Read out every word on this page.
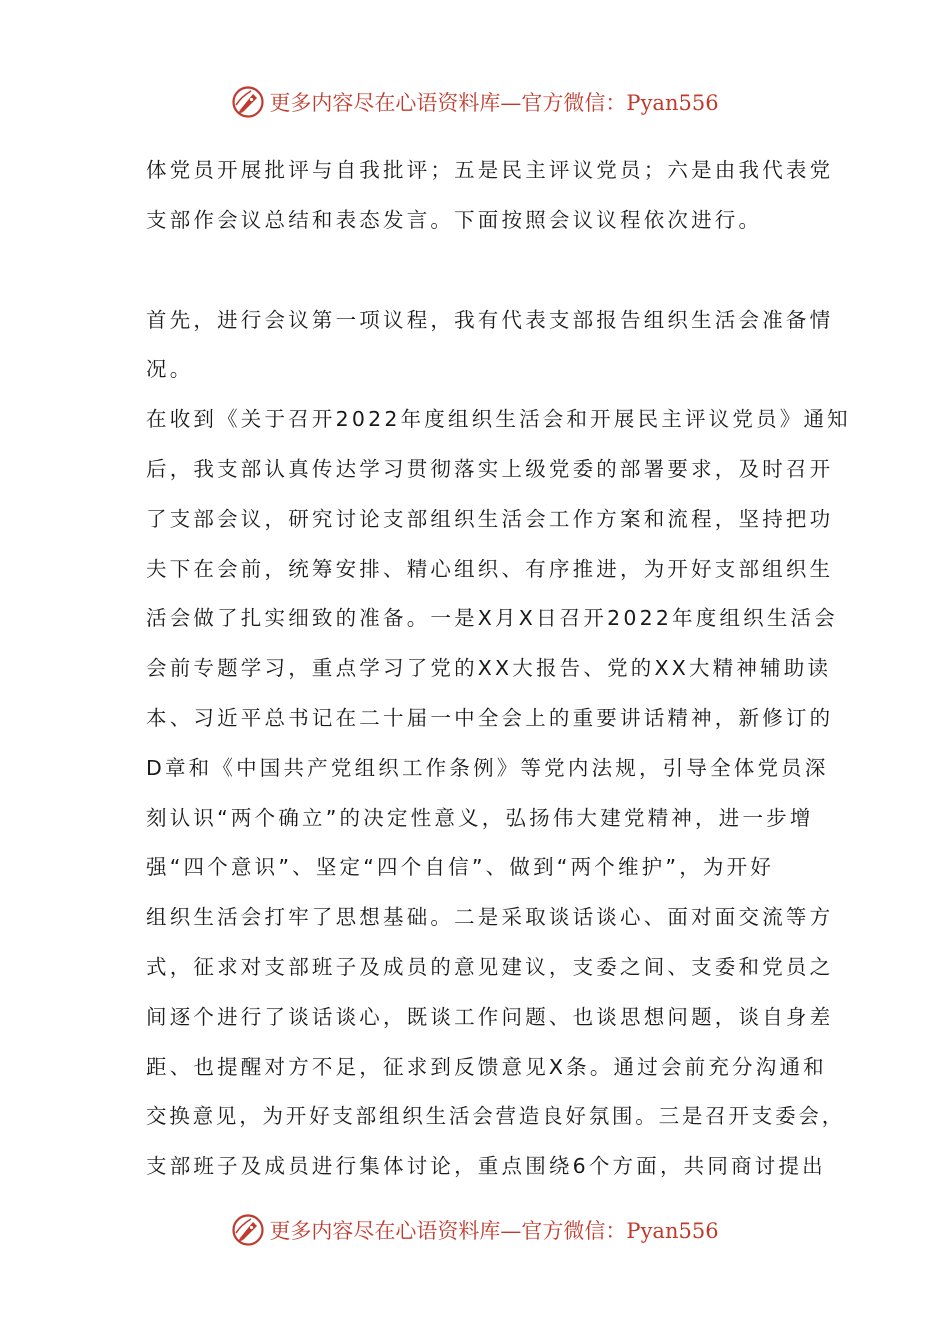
更多内容尽在心语资料库—官方微信：Pyan556
体党员开展批评与自我批评；五是民主评议党员；六是由我代表党
支部作会议总结和表态发言。下面按照会议议程依次进行。
首先，进行会议第一项议程，我有代表支部报告组织生活会准备情
况。
在收到《关于召开2022年度组织生活会和开展民主评议党员》通知
后，我支部认真传达学习贯彻落实上级党委的部署要求，及时召开
了支部会议，研究讨论支部组织生活会工作方案和流程，坚持把功
夫下在会前，统筹安排、精心组织、有序推进，为开好支部组织生
活会做了扎实细致的准备。一是X月X日召开2022年度组织生活会
会前专题学习，重点学习了党的XX大报告、党的XX大精神辅助读
本、习近平总书记在二十届一中全会上的重要讲话精神，新修订的
D章和《中国共产党组织工作条例》等党内法规，引导全体党员深
刻认识“两个确立”的决定性意义，弘扬伟大建党精神，进一步增
强“四个意识”、坚定“四个自信”、做到“两个维护”，为开好
组织生活会打牢了思想基础。二是采取谈话谈心、面对面交流等方
式，征求对支部班子及成员的意见建议，支委之间、支委和党员之
间逐个进行了谈话谈心，既谈工作问题、也谈思想问题，谈自身差
距、也提醒对方不足，征求到反馈意见X条。通过会前充分沟通和
交换意见，为开好支部组织生活会营造良好氛围。三是召开支委会，
支部班子及成员进行集体讨论，重点围绕6个方面，共同商讨提出
更多内容尽在心语资料库—官方微信：Pyan556
